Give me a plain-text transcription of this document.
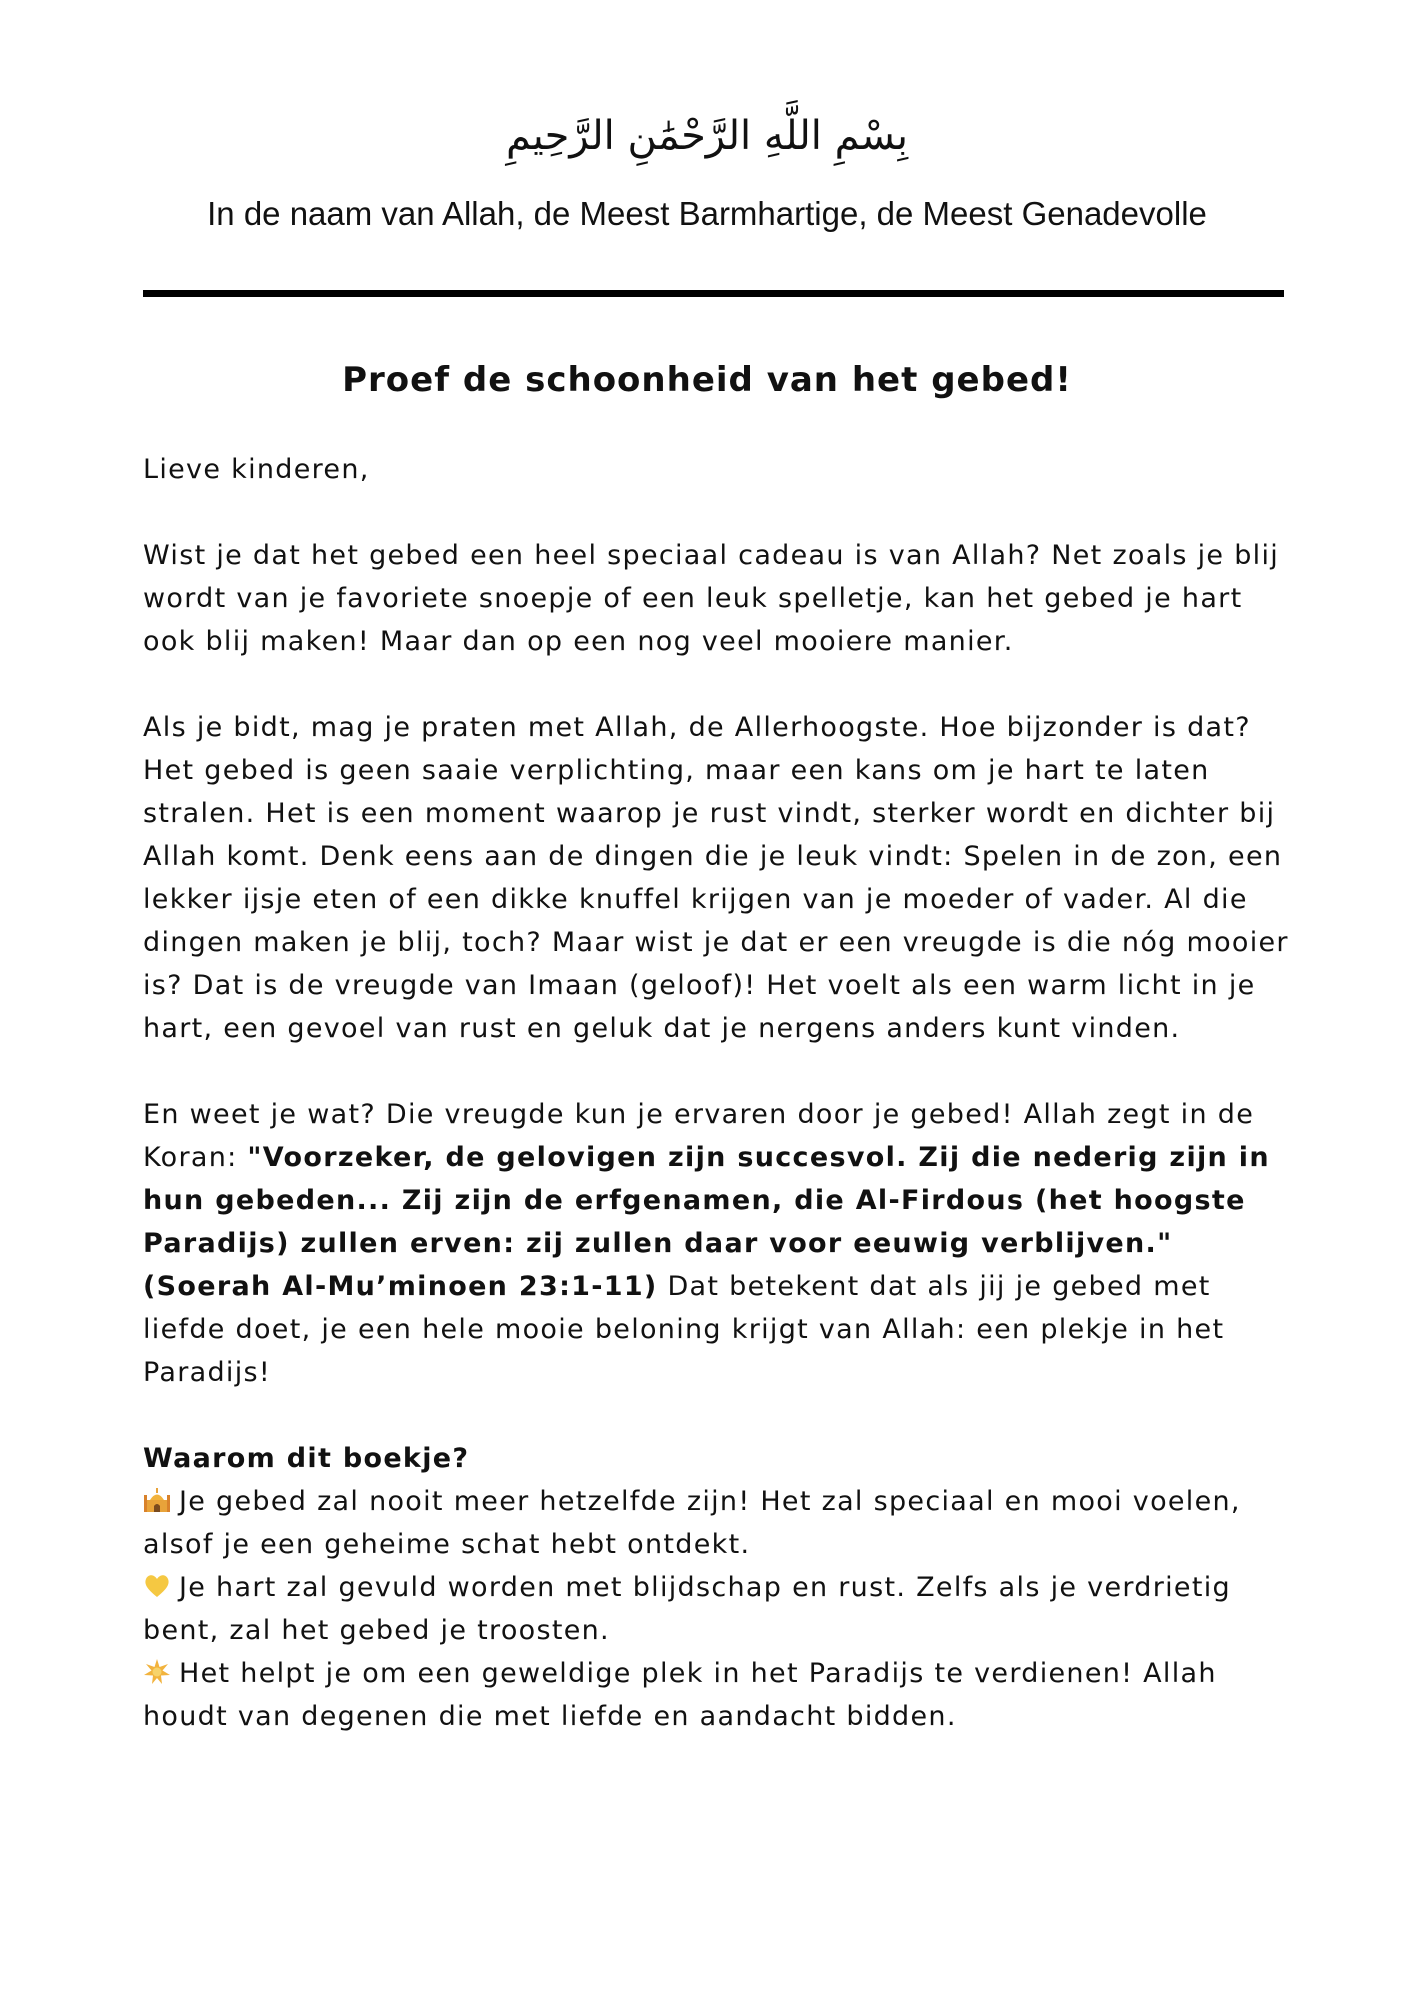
بِسْمِ اللَّهِ الرَّحْمَٰنِ الرَّحِيمِ
In de naam van Allah, de Meest Barmhartige, de Meest Genadevolle
Proef de schoonheid van het gebed!

Lieve kinderen,

Wist je dat het gebed een heel speciaal cadeau is van Allah? Net zoals je blij wordt van je favoriete snoepje of een leuk spelletje, kan het gebed je hart ook blij maken! Maar dan op een nog veel mooiere manier.

Als je bidt, mag je praten met Allah, de Allerhoogste. Hoe bijzonder is dat? Het gebed is geen saaie verplichting, maar een kans om je hart te laten stralen. Het is een moment waarop je rust vindt, sterker wordt en dichter bij Allah komt. Denk eens aan de dingen die je leuk vindt: Spelen in de zon, een lekker ijsje eten of een dikke knuffel krijgen van je moeder of vader. Al die dingen maken je blij, toch? Maar wist je dat er een vreugde is die nóg mooier is? Dat is de vreugde van Imaan (geloof)! Het voelt als een warm licht in je hart, een gevoel van rust en geluk dat je nergens anders kunt vinden.

En weet je wat? Die vreugde kun je ervaren door je gebed! Allah zegt in de Koran: "Voorzeker, de gelovigen zijn succesvol. Zij die nederig zijn in hun gebeden... Zij zijn de erfgenamen, die Al-Firdous (het hoogste Paradijs) zullen erven: zij zullen daar voor eeuwig verblijven." (Soerah Al-Mu’minoen 23:1-11) Dat betekent dat als jij je gebed met liefde doet, je een hele mooie beloning krijgt van Allah: een plekje in het Paradijs!

Waarom dit boekje?

Je gebed zal nooit meer hetzelfde zijn! Het zal speciaal en mooi voelen, alsof je een geheime schat hebt ontdekt.

Je hart zal gevuld worden met blijdschap en rust. Zelfs als je verdrietig bent, zal het gebed je troosten.

Het helpt je om een geweldige plek in het Paradijs te verdienen! Allah houdt van degenen die met liefde en aandacht bidden.
